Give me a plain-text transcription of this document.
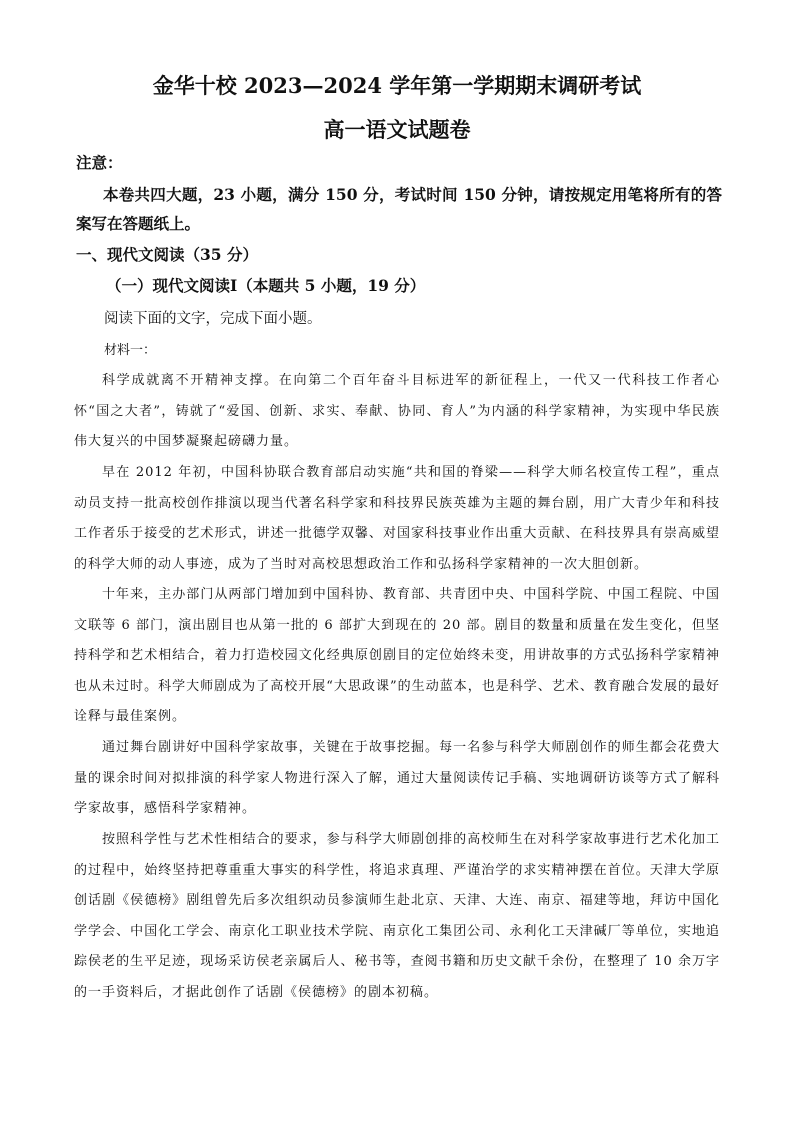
金华十校 2023—2024 学年第一学期期末调研考试
高一语文试题卷
注意：
本卷共四大题，23 小题，满分 150 分，考试时间 150 分钟，请按规定用笔将所有的答案写在答题纸上。
一、现代文阅读（35 分）
（一）现代文阅读Ⅰ（本题共 5 小题，19 分）
阅读下面的文字，完成下面小题。
材料一：
科学成就离不开精神支撑。在向第二个百年奋斗目标进军的新征程上，一代又一代科技工作者心怀“国之大者”，铸就了“爱国、创新、求实、奉献、协同、育人”为内涵的科学家精神，为实现中华民族伟大复兴的中国梦凝聚起磅礴力量。
早在 2012 年初，中国科协联合教育部启动实施“共和国的脊梁——科学大师名校宣传工程”，重点动员支持一批高校创作排演以现当代著名科学家和科技界民族英雄为主题的舞台剧，用广大青少年和科技工作者乐于接受的艺术形式，讲述一批德学双馨、对国家科技事业作出重大贡献、在科技界具有崇高威望的科学大师的动人事迹，成为了当时对高校思想政治工作和弘扬科学家精神的一次大胆创新。
十年来，主办部门从两部门增加到中国科协、教育部、共青团中央、中国科学院、中国工程院、中国文联等 6 部门，演出剧目也从第一批的 6 部扩大到现在的 20 部。剧目的数量和质量在发生变化，但坚持科学和艺术相结合，着力打造校园文化经典原创剧目的定位始终未变，用讲故事的方式弘扬科学家精神也从未过时。科学大师剧成为了高校开展“大思政课”的生动蓝本，也是科学、艺术、教育融合发展的最好诠释与最佳案例。
通过舞台剧讲好中国科学家故事，关键在于故事挖掘。每一名参与科学大师剧创作的师生都会花费大量的课余时间对拟排演的科学家人物进行深入了解，通过大量阅读传记手稿、实地调研访谈等方式了解科学家故事，感悟科学家精神。
按照科学性与艺术性相结合的要求，参与科学大师剧创排的高校师生在对科学家故事进行艺术化加工的过程中，始终坚持把尊重重大事实的科学性，将追求真理、严谨治学的求实精神摆在首位。天津大学原创话剧《侯德榜》剧组曾先后多次组织动员参演师生赴北京、天津、大连、南京、福建等地，拜访中国化学学会、中国化工学会、南京化工职业技术学院、南京化工集团公司、永利化工天津碱厂等单位，实地追踪侯老的生平足迹，现场采访侯老亲属后人、秘书等，查阅书籍和历史文献千余份，在整理了 10 余万字的一手资料后，才据此创作了话剧《侯德榜》的剧本初稿。
